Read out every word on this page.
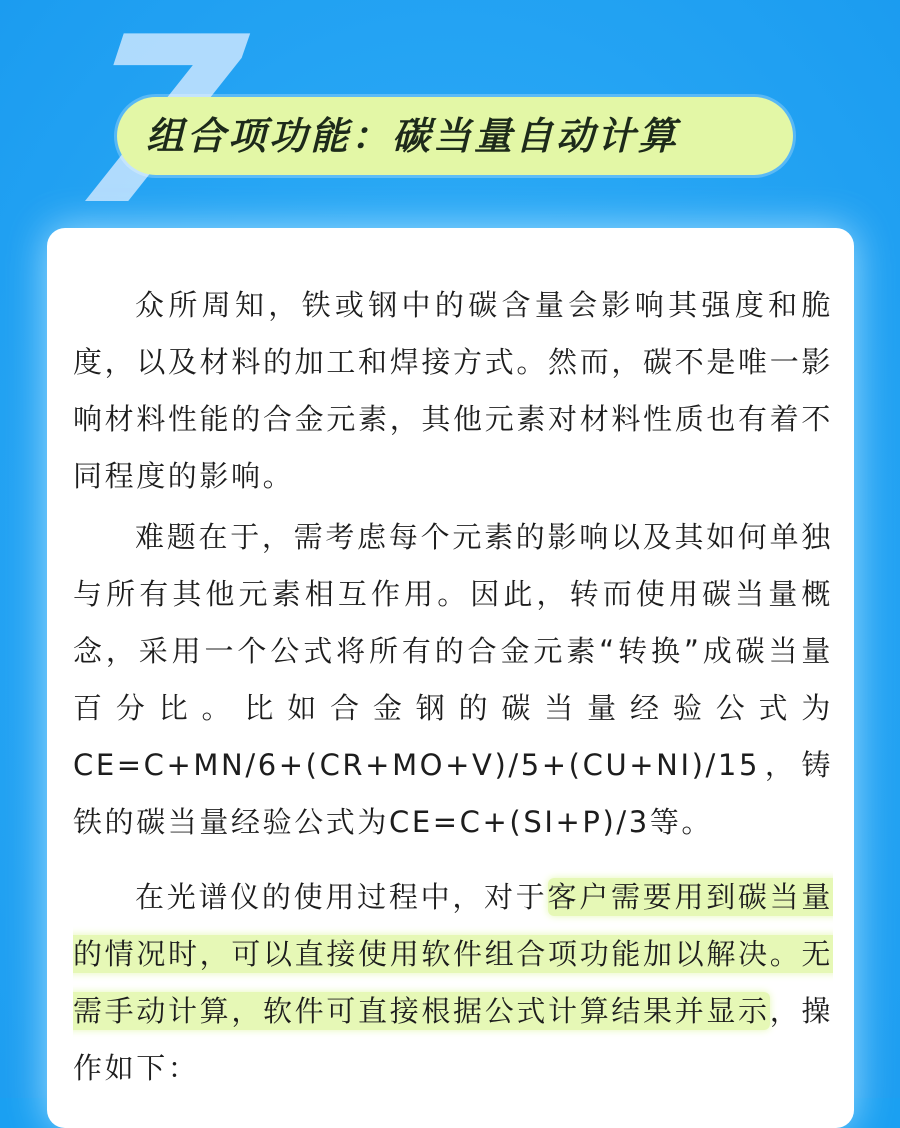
组合项功能：碳当量自动计算
众所周知，铁或钢中的碳含量会影响其强度和脆度，以及材料的加工和焊接方式。然而，碳不是唯一影响材料性能的合金元素，其他元素对材料性质也有着不同程度的影响。
难题在于，需考虑每个元素的影响以及其如何单独与所有其他元素相互作用。因此，转而使用碳当量概念，采用一个公式将所有的合金元素“转换”成碳当量百分比。比如合金钢的碳当量经验公式为CE=C+MN/6+(CR+MO+V)/5+(CU+NI)/15，铸铁的碳当量经验公式为CE=C+(SI+P)/3等。
在光谱仪的使用过程中，对于客户需要用到碳当量的情况时，可以直接使用软件组合项功能加以解决。无需手动计算，软件可直接根据公式计算结果并显示，操作如下：
